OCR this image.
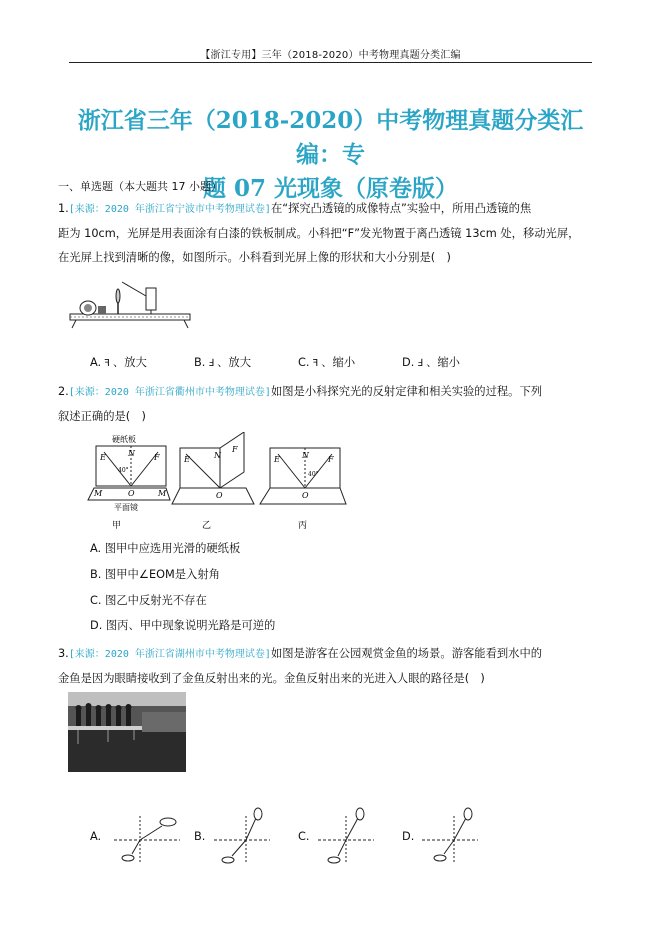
【浙江专用】三年（2018-2020）中考物理真题分类汇编
浙江省三年（2018-2020）中考物理真题分类汇编：专
题 07 光现象（原卷版）
一、单选题（本大题共 17 小题）
1.[来源：2020 年浙江省宁波市中考物理试卷]在“探究凸透镜的成像特点”实验中，所用凸透镜的焦
距为 10cm，光屏是用表面涂有白漆的铁板制成。小科把“F”发光物置于离凸透镜 13cm 处，移动光屏，
在光屏上找到清晰的像，如图所示。小科看到光屏上像的形状和大小分别是(　)
A. ꟻ 、放大	B. Ⅎ 、放大	C. ꟻ 、缩小	D. Ⅎ 、缩小
2.[来源：2020 年浙江省衢州市中考物理试卷]如图是小科探究光的反射定律和相关实验的过程。下列
叙述正确的是(　)
硬纸板
E	N F
40°
M	O	M
平面镜
甲
E	N
F
O
乙
E	N F
40°
O
丙
A. 图甲中应选用光滑的硬纸板
B. 图甲中∠EOM是入射角
C. 图乙中反射光不存在
D. 图丙、甲中现象说明光路是可逆的
3.[来源：2020 年浙江省湖州市中考物理试卷]如图是游客在公园观赏金鱼的场景。游客能看到水中的
金鱼是因为眼睛接收到了金鱼反射出来的光。金鱼反射出来的光进入人眼的路径是(　)
A.	B.	C.	D.
